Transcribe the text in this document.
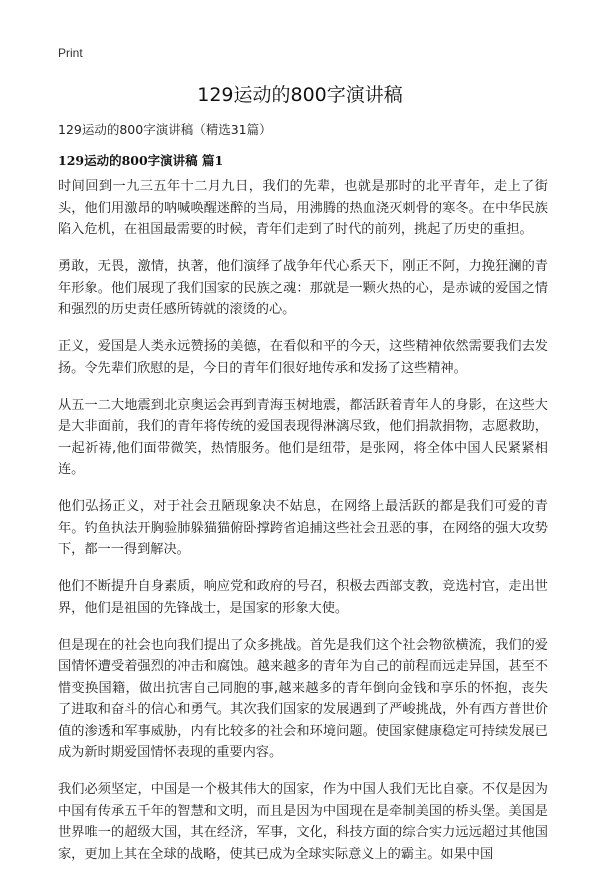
Print
129运动的800字演讲稿
129运动的800字演讲稿（精选31篇）
129运动的800字演讲稿 篇1

时间回到一九三五年十二月九日，我们的先辈，也就是那时的北平青年，走上了街头，他们用激昂的呐喊唤醒迷醉的当局，用沸腾的热血浇灭刺骨的寒冬。在中华民族陷入危机，在祖国最需要的时候，青年们走到了时代的前列，挑起了历史的重担。

勇敢，无畏，激情，执著，他们演绎了战争年代心系天下，刚正不阿，力挽狂澜的青年形象。他们展现了我们国家的民族之魂：那就是一颗火热的心，是赤诚的爱国之情和强烈的历史责任感所铸就的滚烫的心。

正义，爱国是人类永远赞扬的美德，在看似和平的今天，这些精神依然需要我们去发扬。令先辈们欣慰的是，今日的青年们很好地传承和发扬了这些精神。

从五一二大地震到北京奥运会再到青海玉树地震，都活跃着青年人的身影，在这些大是大非面前，我们的青年将传统的爱国表现得淋漓尽致，他们捐款捐物，志愿救助，一起祈祷,他们面带微笑，热情服务。他们是纽带，是张网，将全体中国人民紧紧相连。

他们弘扬正义，对于社会丑陋现象决不姑息，在网络上最活跃的都是我们可爱的青年。钓鱼执法开胸验肺躲猫猫俯卧撑跨省追捕这些社会丑恶的事，在网络的强大攻势下，都一一得到解决。

他们不断提升自身素质，响应党和政府的号召，积极去西部支教，竞选村官，走出世界，他们是祖国的先锋战士，是国家的形象大使。

但是现在的社会也向我们提出了众多挑战。首先是我们这个社会物欲横流，我们的爱国情怀遭受着强烈的冲击和腐蚀。越来越多的青年为自己的前程而远走异国，甚至不惜变换国籍，做出抗害自己同胞的事,越来越多的青年倒向金钱和享乐的怀抱，丧失了进取和奋斗的信心和勇气。其次我们国家的发展遇到了严峻挑战，外有西方普世价值的渗透和军事威胁，内有比较多的社会和环境问题。使国家健康稳定可持续发展已成为新时期爱国情怀表现的重要内容。

我们必须坚定，中国是一个极其伟大的国家，作为中国人我们无比自豪。不仅是因为中国有传承五千年的智慧和文明，而且是因为中国现在是牵制美国的桥头堡。美国是世界唯一的超级大国，其在经济，军事，文化，科技方面的综合实力远远超过其他国家，更加上其在全球的战略，使其已成为全球实际意义上的霸主。如果中国
